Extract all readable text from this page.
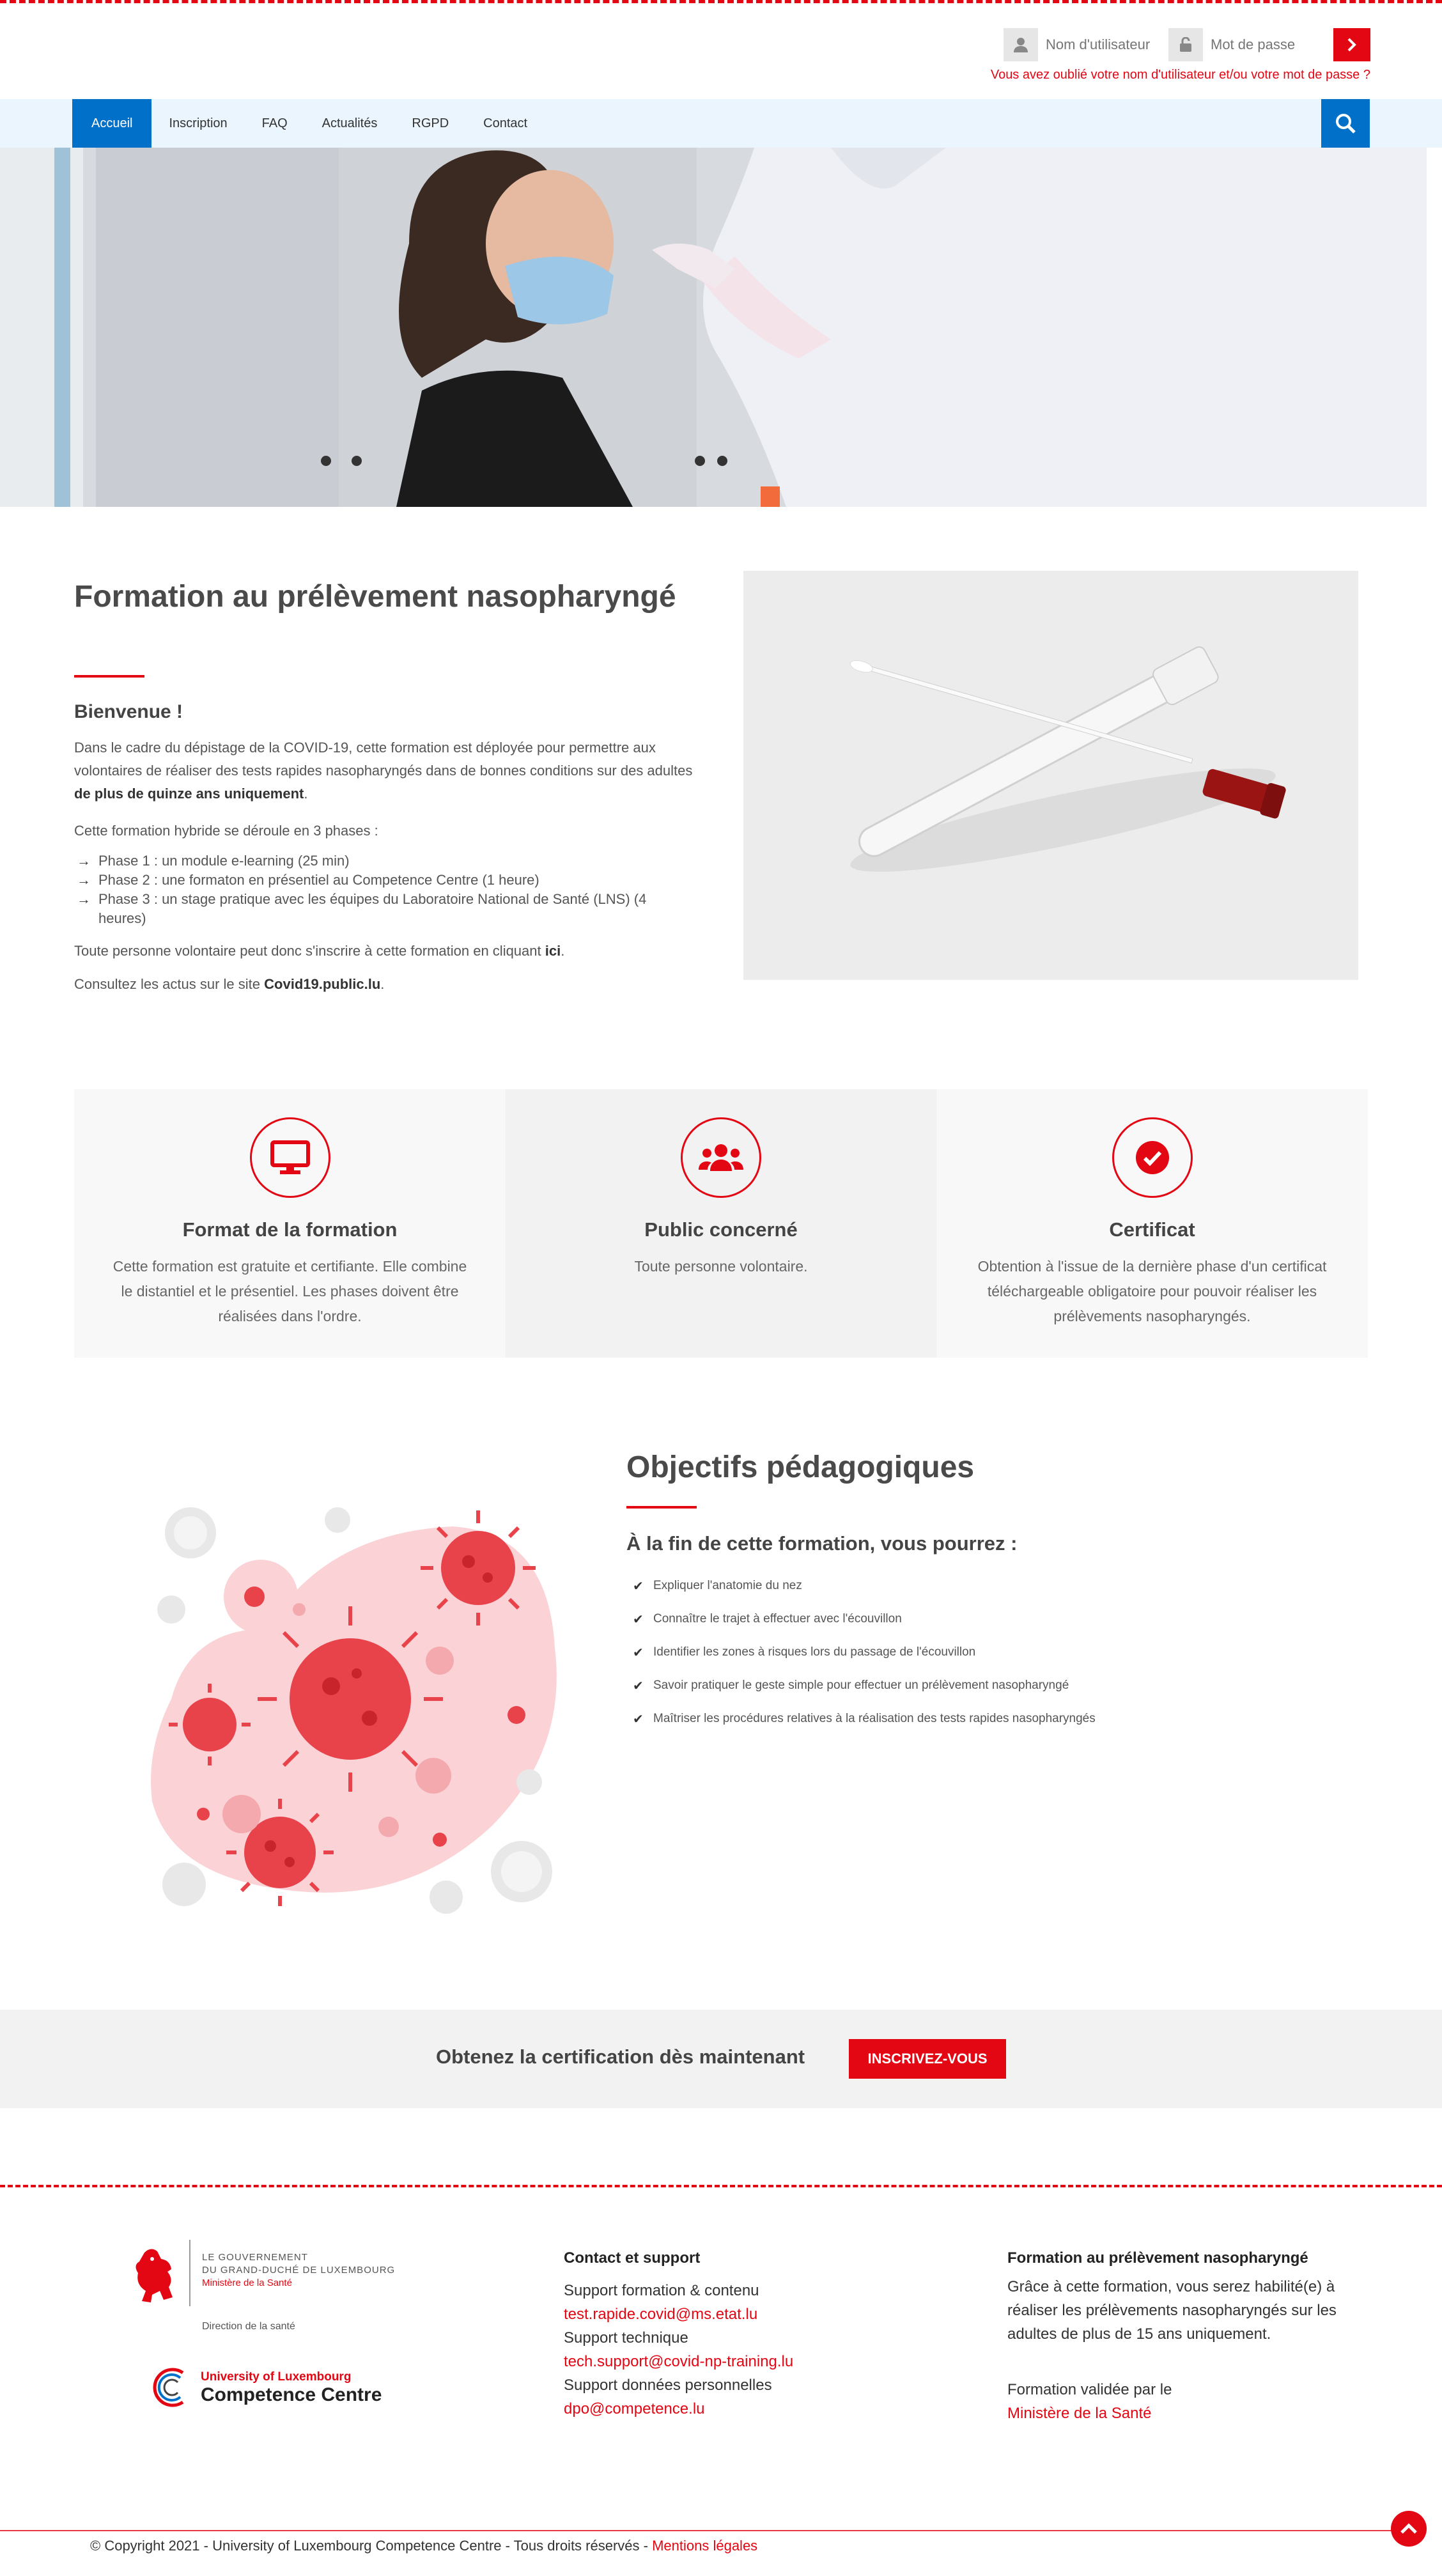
Nom d'utilisateur
Vous avez oublié votre nom d'utilisateur et/ou votre mot de passe ?
Accueil	Inscription	FAQ	Actualités	RGPD	Contact
Formation au prélèvement nasopharyngé
Bienvenue !

Dans le cadre du dépistage de la COVID-19, cette formation est déployée pour permettre aux volontaires de réaliser des tests rapides nasopharyngés dans de bonnes conditions sur des adultes de plus de quinze ans uniquement.

Cette formation hybride se déroule en 3 phases :

→ Phase 1 : un module e-learning (25 min)
→ Phase 2 : une formaton en présentiel au Competence Centre (1 heure)
→ Phase 3 : un stage pratique avec les équipes du Laboratoire National de Santé (LNS) (4 heures)

Toute personne volontaire peut donc s'inscrire à cette formation en cliquant ici.

Consultez les actus sur le site Covid19.public.lu.

Format de la formation

Cette formation est gratuite et certifiante. Elle combine le distantiel et le présentiel. Les phases doivent être réalisées dans l'ordre.

Public concerné

Toute personne volontaire.

Certificat

Obtention à l'issue de la dernière phase d'un certificat téléchargeable obligatoire pour pouvoir réaliser les prélèvements nasopharyngés.

Objectifs pédagogiques
À la fin de cette formation, vous pourrez :
✔ Expliquer l'anatomie du nez
✔ Connaître le trajet à effectuer avec l'écouvillon
✔ Identifier les zones à risques lors du passage de l'écouvillon
✔ Savoir pratiquer le geste simple pour effectuer un prélèvement nasopharyngé
✔ Maîtriser les procédures relatives à la réalisation des tests rapides nasopharyngés
Obtenez la certification dès maintenant	INSCRIVEZ-VOUS
LE GOUVERNEMENT
DU GRAND-DUCHÉ DE LUXEMBOURG
Ministère de la Santé
Direction de la santé
University of Luxembourg
Competence Centre
Contact et support
Support formation & contenu
test.rapide.covid@ms.etat.lu
Support technique
tech.support@covid-np-training.lu
Support données personnelles
dpo@competence.lu
Formation au prélèvement nasopharyngé
Grâce à cette formation, vous serez habilité(e) à réaliser les prélèvements nasopharyngés sur les adultes de plus de 15 ans uniquement.
Formation validée par le
Ministère de la Santé
© Copyright 2021 - University of Luxembourg Competence Centre - Tous droits réservés - Mentions légales
